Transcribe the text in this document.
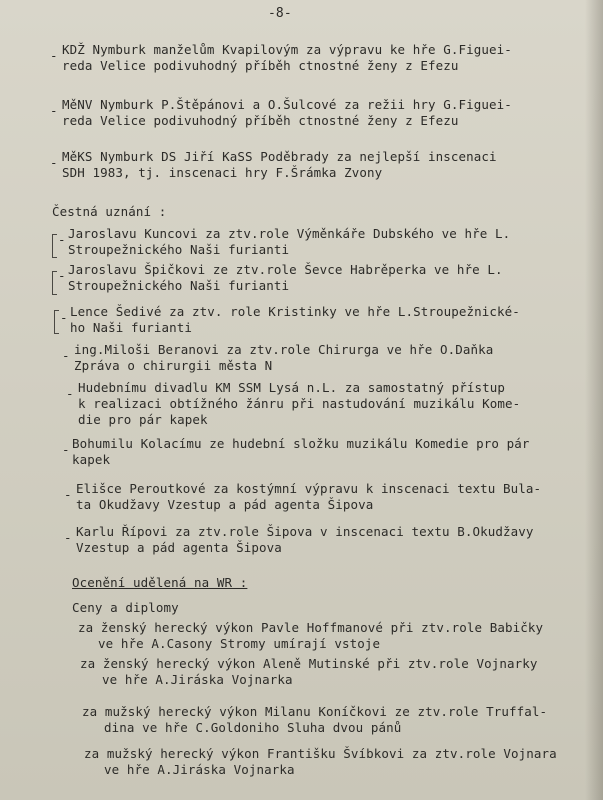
-8-
- KDŽ Nymburk manželům Kvapilovým za výpravu ke hře G.Figuei-
reda Velice podivuhodný příběh ctnostné ženy z Efezu
- MěNV Nymburk P.Štěpánovi a O.Šulcové za režii hry G.Figuei-
reda Velice podivuhodný příběh ctnostné ženy z Efezu
- MěKS Nymburk DS Jiří KaSS Poděbrady za nejlepší inscenaci
SDH 1983, tj. inscenaci hry F.Šrámka Zvony
Čestná uznání :
- Jaroslavu Kuncovi za ztv.role Výměnkáře Dubského ve hře L.
Stroupežnického Naši furianti
- Jaroslavu Špičkovi ze ztv.role Ševce Habrěperka ve hře L.
Stroupežnického Naši furianti
- Lence Šedivé za ztv. role Kristinky ve hře L.Stroupežnické-
ho Naši furianti
- ing.Miloši Beranovi za ztv.role Chirurga ve hře O.Daňka
Zpráva o chirurgii města N
- Hudebnímu divadlu KM SSM Lysá n.L. za samostatný přístup
k realizaci obtížného žánru při nastudování muzikálu Kome-
die pro pár kapek
- Bohumilu Kolacímu ze hudební složku muzikálu Komedie pro pár
kapek
- Elišce Peroutkové za kostýmní výpravu k inscenaci textu Bula-
ta Okudžavy Vzestup a pád agenta Šipova
- Karlu Řípovi za ztv.role Šipova v inscenaci textu B.Okudžavy
Vzestup a pád agenta Šipova
Ocenění udělená na WR :
Ceny a diplomy
za ženský herecký výkon Pavle Hoffmanové při ztv.role Babičky
ve hře A.Casony Stromy umírají vstoje
za ženský herecký výkon Aleně Mutinské při ztv.role Vojnarky
ve hře A.Jiráska Vojnarka
za mužský herecký výkon Milanu Koníčkovi ze ztv.role Truffal-
dina ve hře C.Goldoniho Sluha dvou pánů
za mužský herecký výkon Františku Švíbkovi za ztv.role Vojnara
ve hře A.Jiráska Vojnarka
